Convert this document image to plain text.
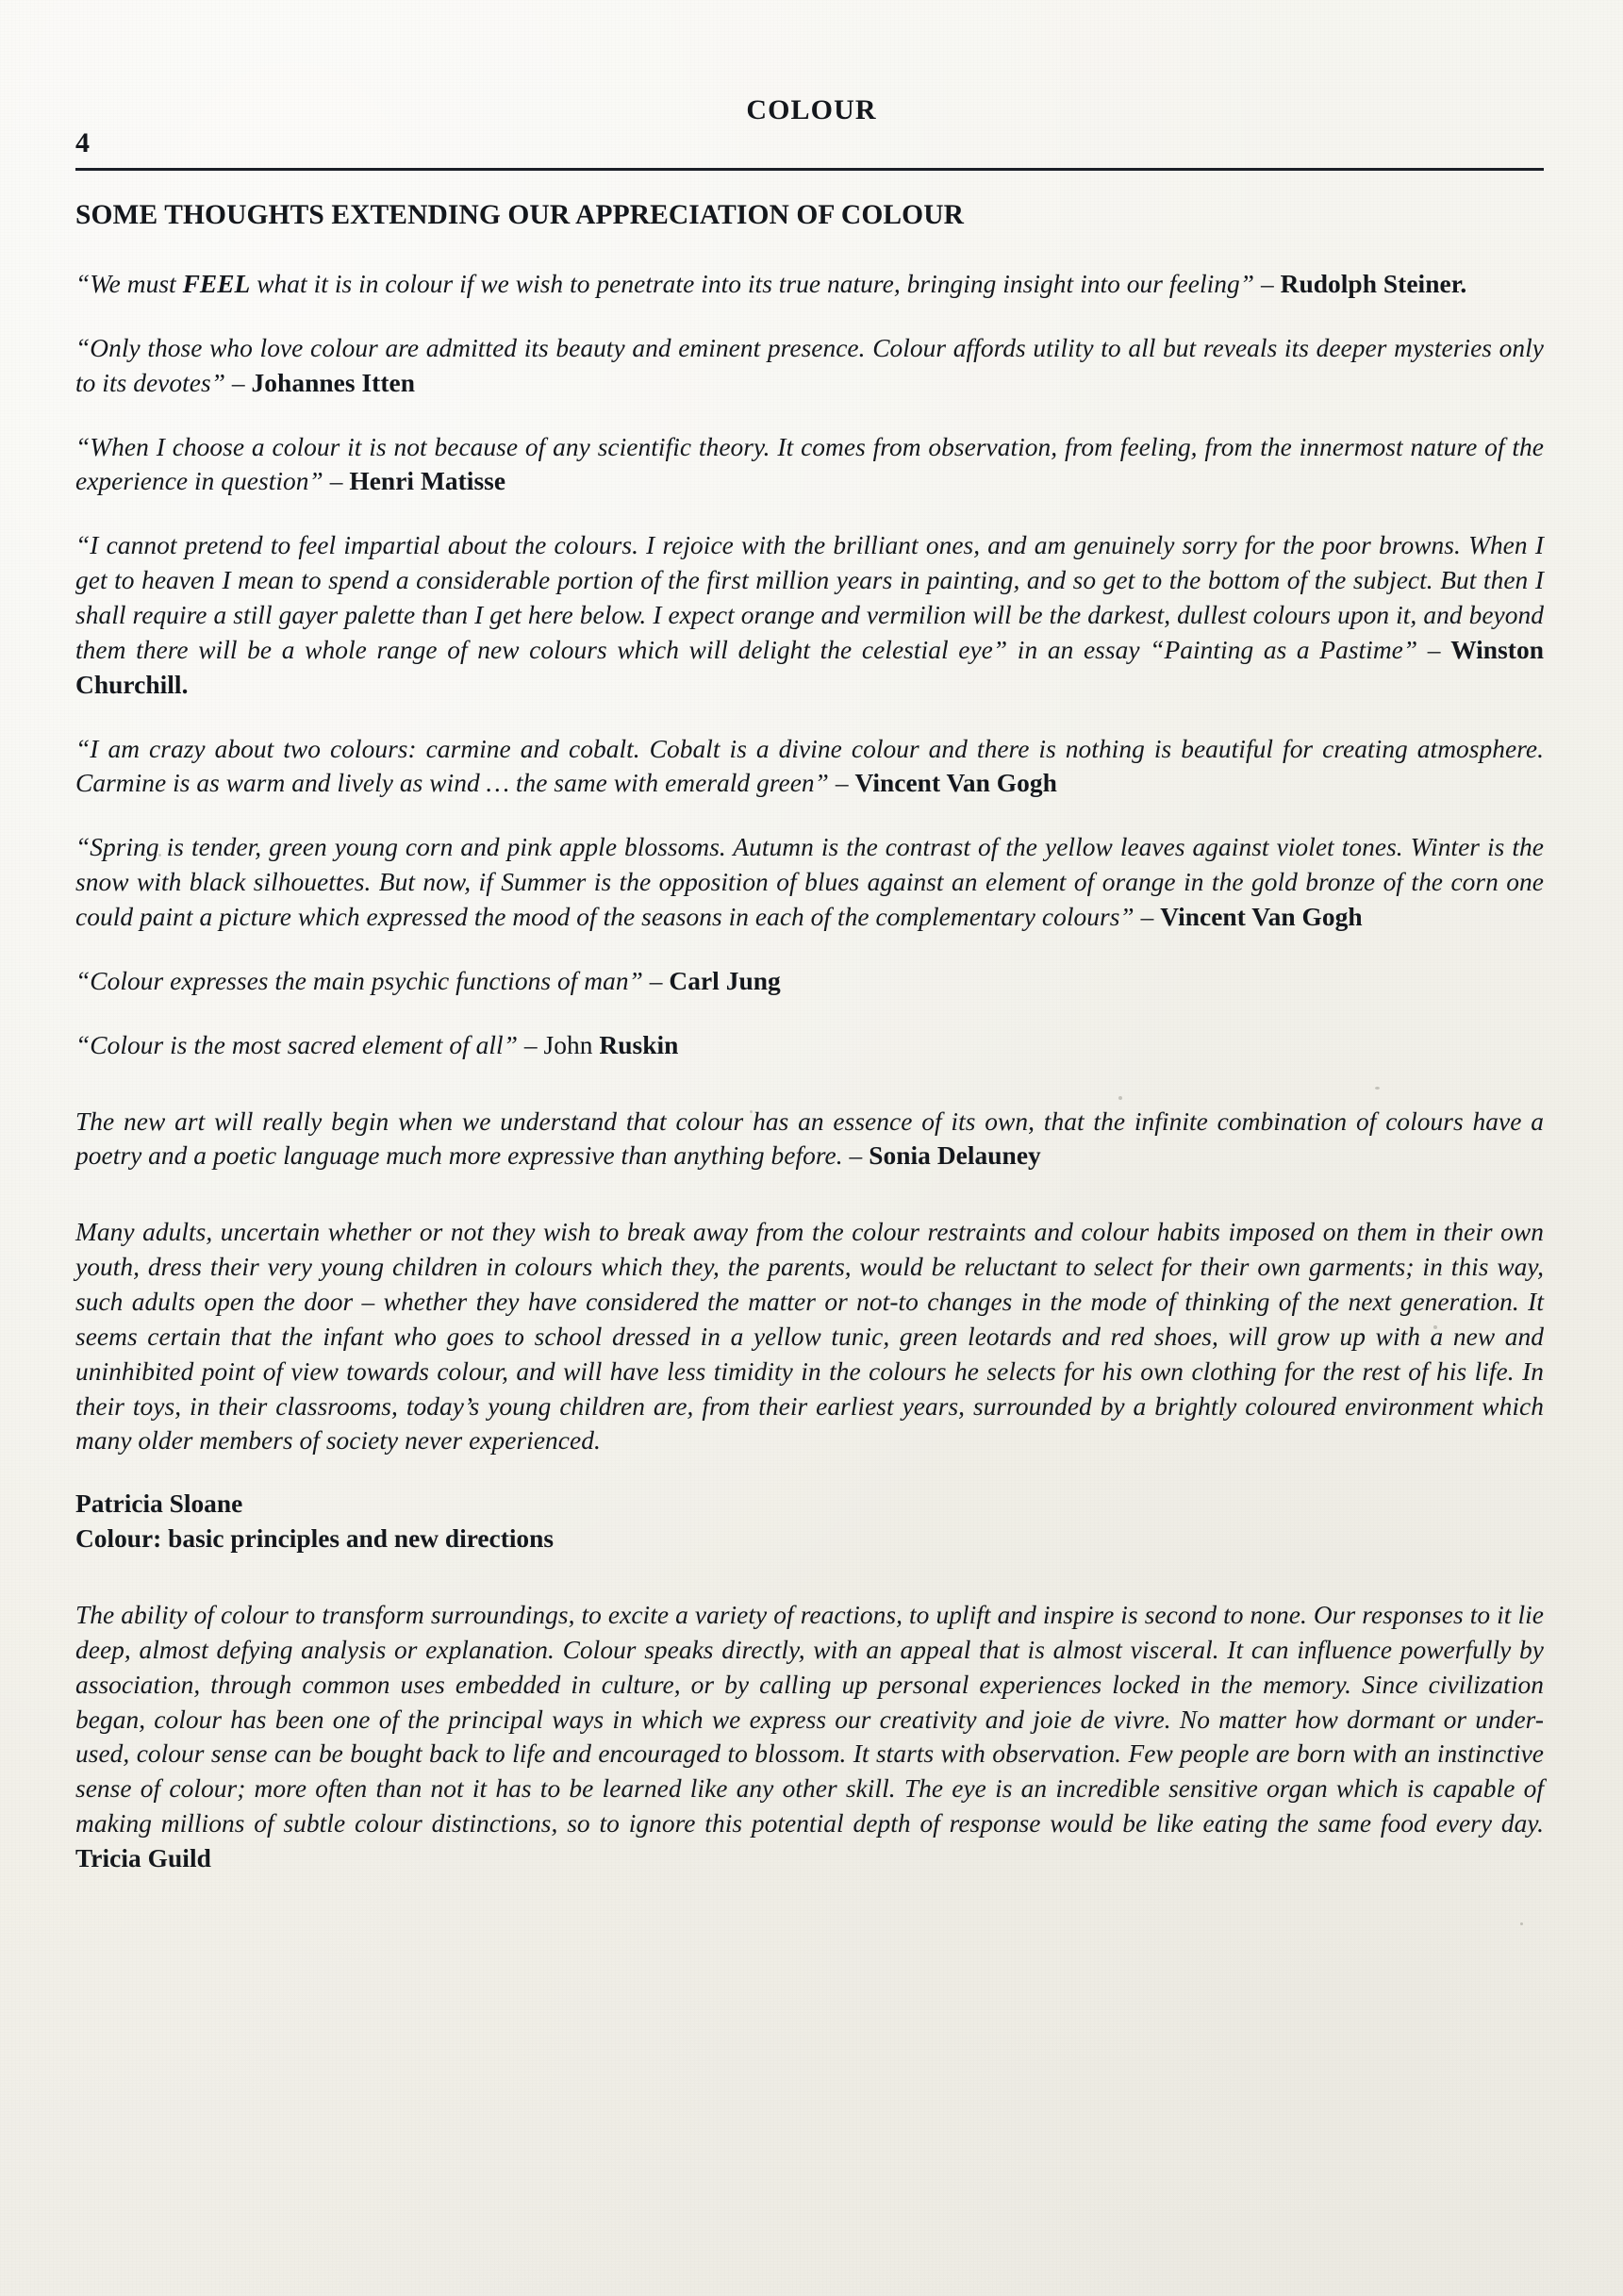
COLOUR
4
SOME THOUGHTS EXTENDING OUR APPRECIATION OF COLOUR

“We must FEEL what it is in colour if we wish to penetrate into its true nature, bringing insight into our feeling” – Rudolph Steiner.

“Only those who love colour are admitted its beauty and eminent presence. Colour affords utility to all but reveals its deeper mysteries only to its devotes” – Johannes Itten

“When I choose a colour it is not because of any scientific theory. It comes from observation, from feeling, from the innermost nature of the experience in question” – Henri Matisse

“I cannot pretend to feel impartial about the colours. I rejoice with the brilliant ones, and am genuinely sorry for the poor browns. When I get to heaven I mean to spend a considerable portion of the first million years in painting, and so get to the bottom of the subject. But then I shall require a still gayer palette than I get here below. I expect orange and vermilion will be the darkest, dullest colours upon it, and beyond them there will be a whole range of new colours which will delight the celestial eye” in an essay “Painting as a Pastime” – Winston Churchill.

“I am crazy about two colours: carmine and cobalt. Cobalt is a divine colour and there is nothing is beautiful for creating atmosphere. Carmine is as warm and lively as wind … the same with emerald green” – Vincent Van Gogh

“Spring is tender, green young corn and pink apple blossoms. Autumn is the contrast of the yellow leaves against violet tones. Winter is the snow with black silhouettes. But now, if Summer is the opposition of blues against an element of orange in the gold bronze of the corn one could paint a picture which expressed the mood of the seasons in each of the complementary colours” – Vincent Van Gogh

“Colour expresses the main psychic functions of man” – Carl Jung

“Colour is the most sacred element of all” – John Ruskin

The new art will really begin when we understand that colour has an essence of its own, that the infinite combination of colours have a poetry and a poetic language much more expressive than anything before. – Sonia Delauney

Many adults, uncertain whether or not they wish to break away from the colour restraints and colour habits imposed on them in their own youth, dress their very young children in colours which they, the parents, would be reluctant to select for their own garments; in this way, such adults open the door – whether they have considered the matter or not-to changes in the mode of thinking of the next generation. It seems certain that the infant who goes to school dressed in a yellow tunic, green leotards and red shoes, will grow up with a new and uninhibited point of view towards colour, and will have less timidity in the colours he selects for his own clothing for the rest of his life. In their toys, in their classrooms, today’s young children are, from their earliest years, surrounded by a brightly coloured environment which many older members of society never experienced.

Patricia Sloane

Colour: basic principles and new directions

The ability of colour to transform surroundings, to excite a variety of reactions, to uplift and inspire is second to none. Our responses to it lie deep, almost defying analysis or explanation. Colour speaks directly, with an appeal that is almost visceral. It can influence powerfully by association, through common uses embedded in culture, or by calling up personal experiences locked in the memory. Since civilization began, colour has been one of the principal ways in which we express our creativity and joie de vivre. No matter how dormant or under-used, colour sense can be bought back to life and encouraged to blossom. It starts with observation. Few people are born with an instinctive sense of colour; more often than not it has to be learned like any other skill. The eye is an incredible sensitive organ which is capable of making millions of subtle colour distinctions, so to ignore this potential depth of response would be like eating the same food every day. Tricia Guild
